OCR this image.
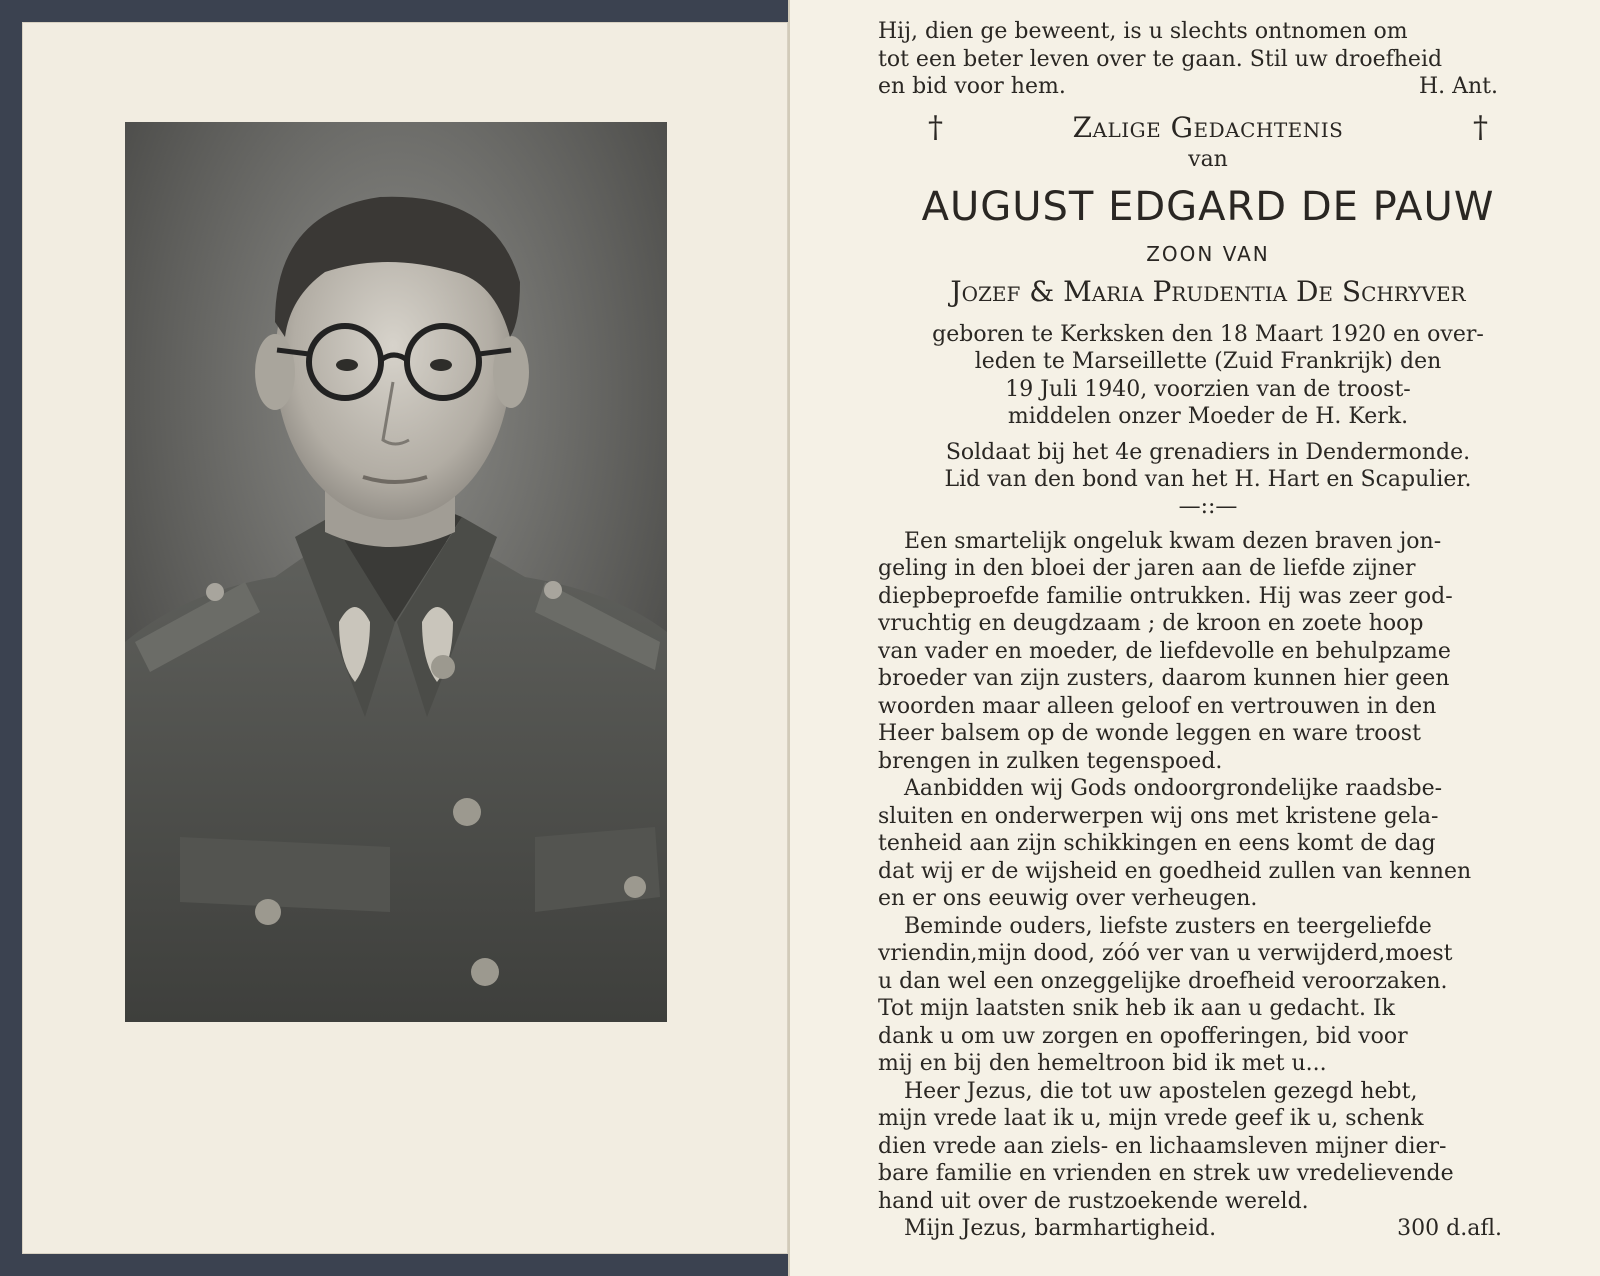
Hij, dien ge beweent, is u slechts ontnomen om
tot een beter leven over te gaan. Stil uw droefheid
en bid voor hem.	H. Ant.
†	Zalige Gedachtenis	†
van
AUGUST EDGARD DE PAUW
ZOON VAN
Jozef & Maria Prudentia De Schryver
geboren te Kerksken den 18 Maart 1920 en over-
leden te Marseillette (Zuid Frankrijk) den
19 Juli 1940, voorzien van de troost-
middelen onzer Moeder de H. Kerk.
Soldaat bij het 4e grenadiers in Dendermonde.
Lid van den bond van het H. Hart en Scapulier.
—::—
Een smartelijk ongeluk kwam dezen braven jon-
geling in den bloei der jaren aan de liefde zijner
diepbeproefde familie ontrukken. Hij was zeer god-
vruchtig en deugdzaam ; de kroon en zoete hoop
van vader en moeder, de liefdevolle en behulpzame
broeder van zijn zusters, daarom kunnen hier geen
woorden maar alleen geloof en vertrouwen in den
Heer balsem op de wonde leggen en ware troost
brengen in zulken tegenspoed.
Aanbidden wij Gods ondoorgrondelijke raadsbe-
sluiten en onderwerpen wij ons met kristene gela-
tenheid aan zijn schikkingen en eens komt de dag
dat wij er de wijsheid en goedheid zullen van kennen
en er ons eeuwig over verheugen.
Beminde ouders, liefste zusters en teergeliefde
vriendin,mijn dood, zóó ver van u verwijderd,moest
u dan wel een onzeggelijke droefheid veroorzaken.
Tot mijn laatsten snik heb ik aan u gedacht. Ik
dank u om uw zorgen en opofferingen, bid voor
mij en bij den hemeltroon bid ik met u...
Heer Jezus, die tot uw apostelen gezegd hebt,
mijn vrede laat ik u, mijn vrede geef ik u, schenk
dien vrede aan ziels- en lichaamsleven mijner dier-
bare familie en vrienden en strek uw vredelievende
hand uit over de rustzoekende wereld.
Mijn Jezus, barmhartigheid.	300 d.afl.
